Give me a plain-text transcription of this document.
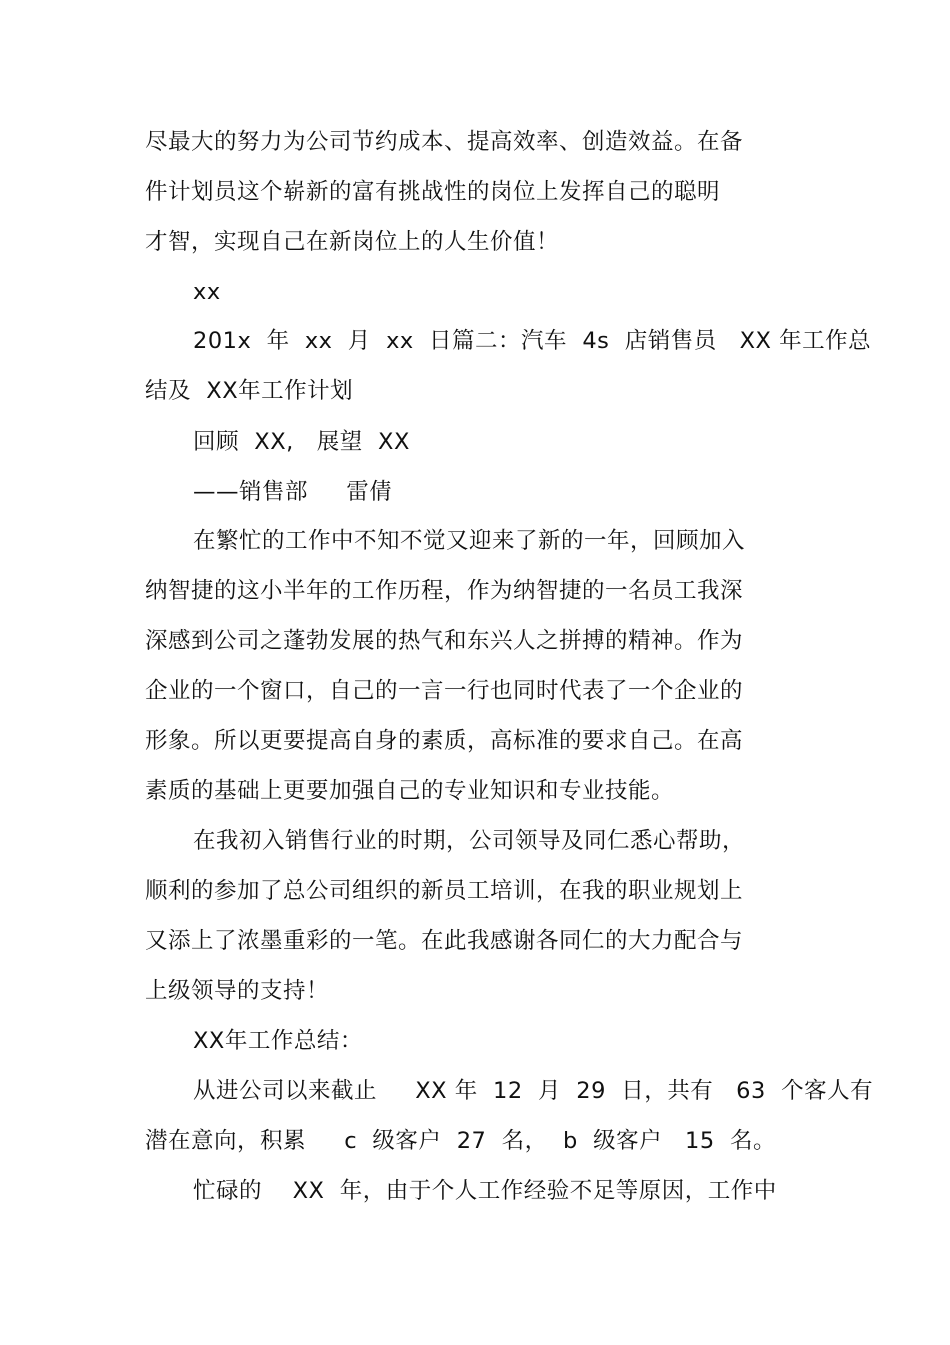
尽最大的努力为公司节约成本、提高效率、创造效益。在备
件计划员这个崭新的富有挑战性的岗位上发挥自己的聪明
才智，实现自己在新岗位上的人生价值！
xx
201x  年  xx  月  xx  日篇二：汽车  4s  店销售员   XX 年工作总
结及  XX年工作计划
回顾  XX,   展望  XX
——销售部     雷倩
在繁忙的工作中不知不觉又迎来了新的一年，回顾加入
纳智捷的这小半年的工作历程，作为纳智捷的一名员工我深
深感到公司之蓬勃发展的热气和东兴人之拼搏的精神。作为
企业的一个窗口，自己的一言一行也同时代表了一个企业的
形象。所以更要提高自身的素质，高标准的要求自己。在高
素质的基础上更要加强自己的专业知识和专业技能。
在我初入销售行业的时期，公司领导及同仁悉心帮助，
顺利的参加了总公司组织的新员工培训，在我的职业规划上
又添上了浓墨重彩的一笔。在此我感谢各同仁的大力配合与
上级领导的支持！
XX年工作总结：
从进公司以来截止     XX 年  12  月  29  日，共有   63  个客人有
潜在意向，积累     c  级客户  27  名，  b  级客户   15  名。
忙碌的    XX  年，由于个人工作经验不足等原因，工作中
